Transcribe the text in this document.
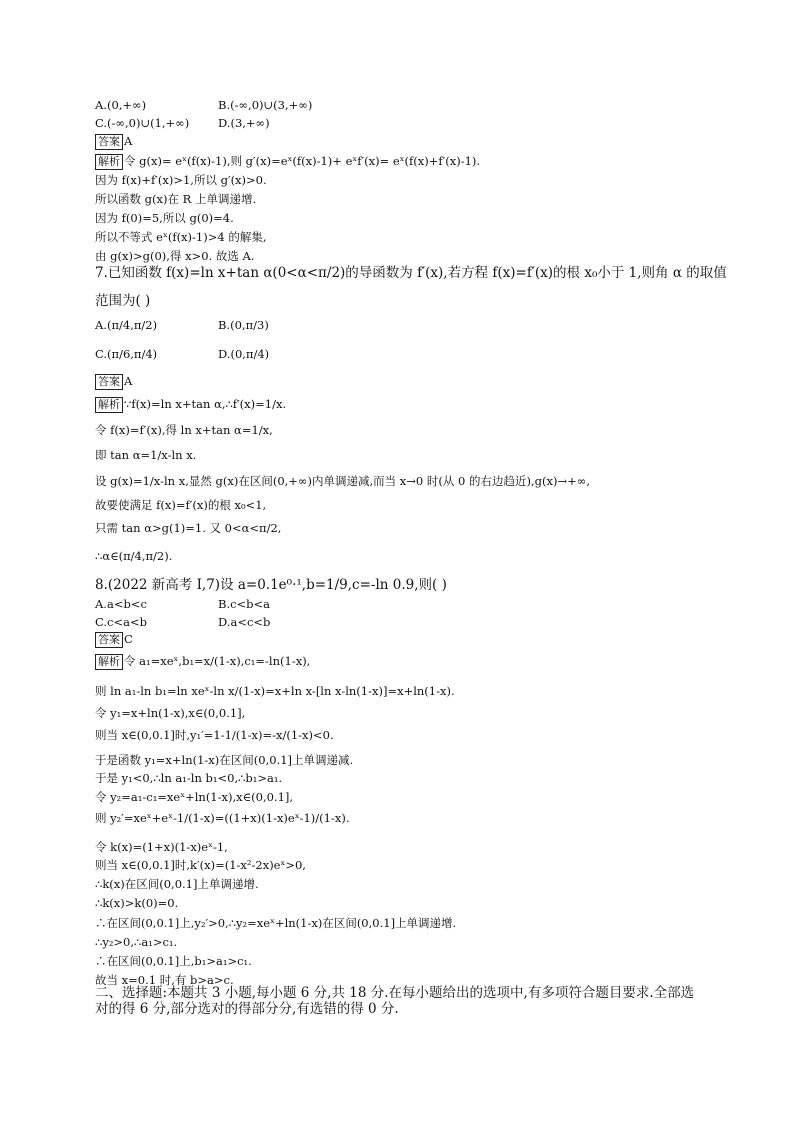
A.(0,+∞)	B.(-∞,0)∪(3,+∞)
C.(-∞,0)∪(1,+∞) D.(3,+∞)
答案 A
解析 令 g(x)= eˣ(f(x)-1),则 g′(x)=eˣ(f(x)-1)+ eˣf′(x)= eˣ(f(x)+f′(x)-1).
因为 f(x)+f′(x)>1,所以 g′(x)>0.
所以函数 g(x)在 R 上单调递增.
因为 f(0)=5,所以 g(0)=4.
所以不等式 eˣ(f(x)-1)>4 的解集,
由 g(x)>g(0),得 x>0. 故选 A.
7.已知函数 f(x)=ln x+tan α(0<α<π/2)的导函数为 f′(x),若方程 f(x)=f′(x)的根 x₀小于 1,则角 α 的取值
范围为( )
A.(π/4,π/2)	B.(0,π/3)
C.(π/6,π/4)	D.(0,π/4)
答案 A
解析 ∵f(x)=ln x+tan α,∴f′(x)=1/x.
令 f(x)=f′(x),得 ln x+tan α=1/x,
即 tan α=1/x-ln x.
设 g(x)=1/x-ln x,显然 g(x)在区间(0,+∞)内单调递减,而当 x→0 时(从 0 的右边趋近),g(x)→+∞,
故要使满足 f(x)=f′(x)的根 x₀<1,
只需 tan α>g(1)=1. 又 0<α<π/2,
∴α∈(π/4,π/2).
8.(2022 新高考 Ⅰ,7)设 a=0.1e⁰·¹,b=1/9,c=-ln 0.9,则( )
A.a<b<c	B.c<b<a
C.c<a<b	D.a<c<b
答案 C
解析 令 a₁=xeˣ,b₁=x/(1-x),c₁=-ln(1-x),
则 ln a₁-ln b₁=ln xeˣ-ln x/(1-x)=x+ln x-[ln x-ln(1-x)]=x+ln(1-x).
令 y₁=x+ln(1-x),x∈(0,0.1],
则当 x∈(0,0.1]时,y₁′=1-1/(1-x)=-x/(1-x)<0.
于是函数 y₁=x+ln(1-x)在区间(0,0.1]上单调递减.
于是 y₁<0,∴ln a₁-ln b₁<0,∴b₁>a₁.
令 y₂=a₁-c₁=xeˣ+ln(1-x),x∈(0,0.1],
则 y₂′=xeˣ+eˣ-1/(1-x)=((1+x)(1-x)eˣ-1)/(1-x).
令 k(x)=(1+x)(1-x)eˣ-1,
则当 x∈(0,0.1]时,k′(x)=(1-x²-2x)eˣ>0,
∴k(x)在区间(0,0.1]上单调递增.
∴k(x)>k(0)=0.
∴在区间(0,0.1]上,y₂′>0,∴y₂=xeˣ+ln(1-x)在区间(0,0.1]上单调递增.
∴y₂>0,∴a₁>c₁.
∴在区间(0,0.1]上,b₁>a₁>c₁.
故当 x=0.1 时,有 b>a>c.
二、选择题:本题共 3 小题,每小题 6 分,共 18 分.在每小题给出的选项中,有多项符合题目要求.全部选
对的得 6 分,部分选对的得部分分,有选错的得 0 分.
